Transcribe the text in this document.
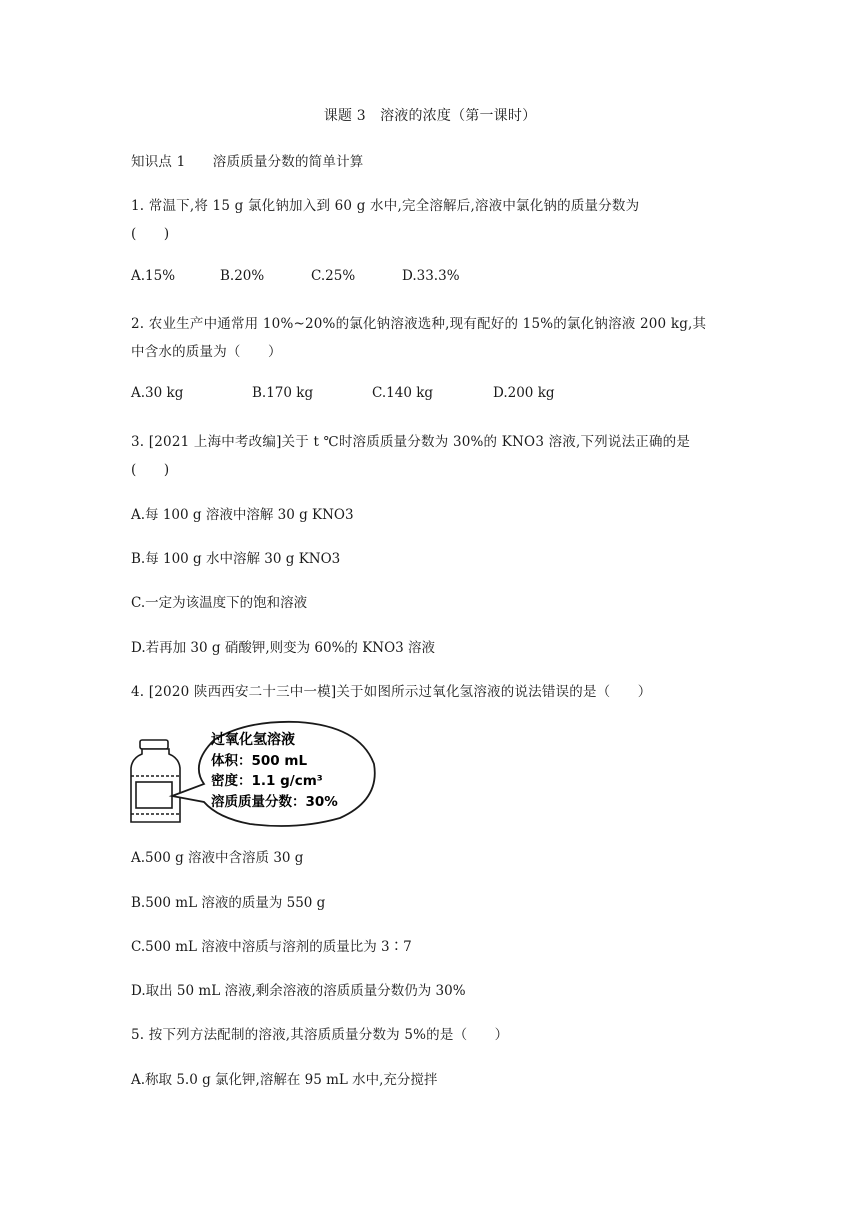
课题 3　溶液的浓度（第一课时）
知识点 1　　溶质质量分数的简单计算
1. 常温下,将 15 g 氯化钠加入到 60 g 水中,完全溶解后,溶液中氯化钠的质量分数为
(　　)
A.15%	B.20%	C.25%	D.33.3%
2. 农业生产中通常用 10%~20%的氯化钠溶液选种,现有配好的 15%的氯化钠溶液 200 kg,其
中含水的质量为（　　）
A.30 kg	B.170 kg	C.140 kg	D.200 kg
3. [2021 上海中考改编]关于 t ℃时溶质质量分数为 30%的 KNO3 溶液,下列说法正确的是
(　　)
A.每 100 g 溶液中溶解 30 g KNO3
B.每 100 g 水中溶解 30 g KNO3
C.一定为该温度下的饱和溶液
D.若再加 30 g 硝酸钾,则变为 60%的 KNO3 溶液
4. [2020 陕西西安二十三中一模]关于如图所示过氧化氢溶液的说法错误的是（　　）
过氧化氢溶液
体积：500 mL
密度：1.1 g/cm³
溶质质量分数：30%
A.500 g 溶液中含溶质 30 g
B.500 mL 溶液的质量为 550 g
C.500 mL 溶液中溶质与溶剂的质量比为 3∶7
D.取出 50 mL 溶液,剩余溶液的溶质质量分数仍为 30%
5. 按下列方法配制的溶液,其溶质质量分数为 5%的是（　　）
A.称取 5.0 g 氯化钾,溶解在 95 mL 水中,充分搅拌
